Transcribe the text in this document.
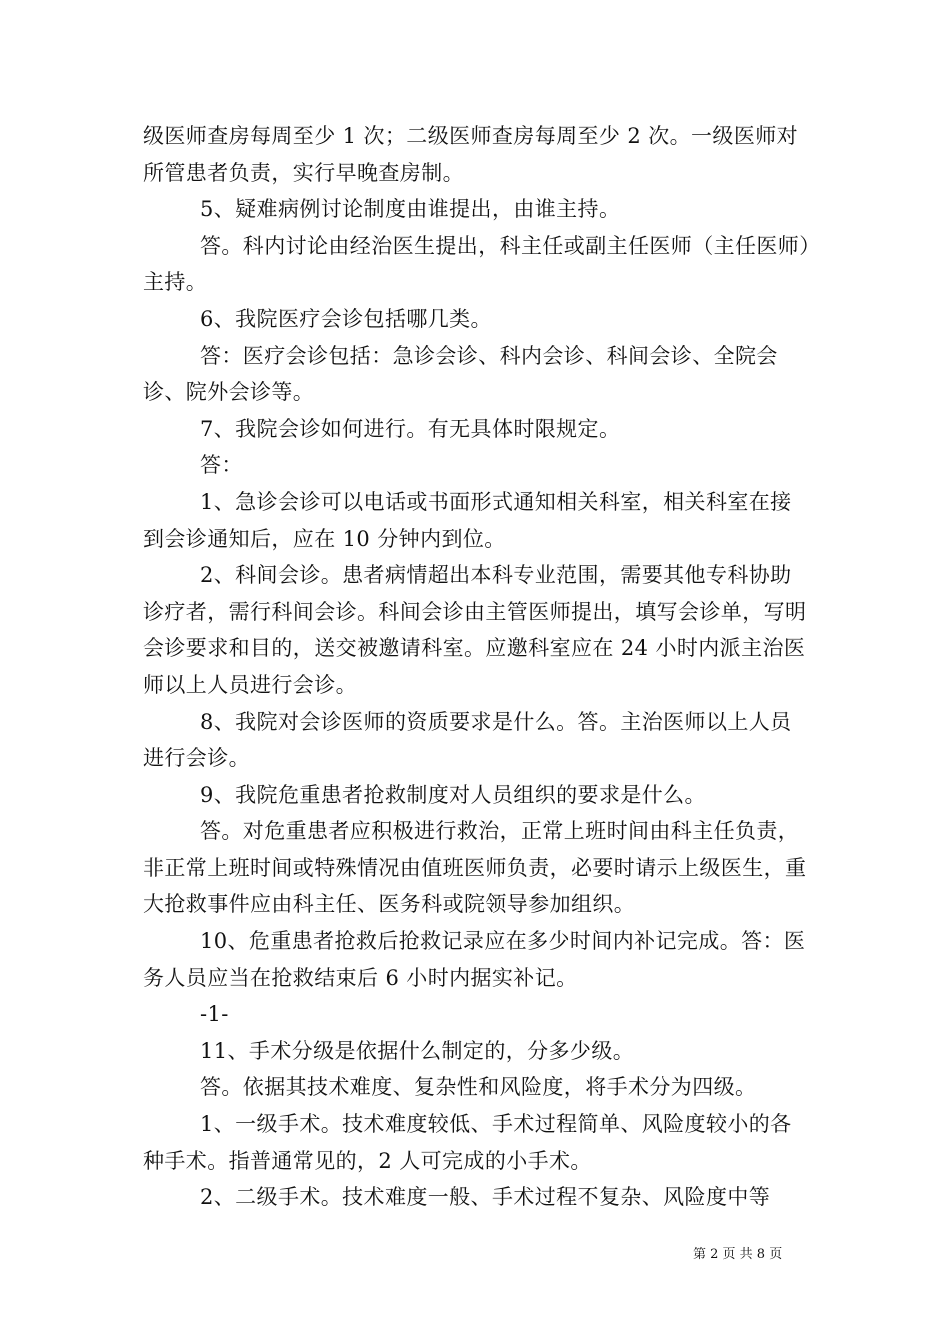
级医师查房每周至少 1 次；二级医师查房每周至少 2 次。一级医师对所管患者负责，实行早晚查房制。

5、疑难病例讨论制度由谁提出，由谁主持。

答。科内讨论由经治医生提出，科主任或副主任医师（主任医师）主持。

6、我院医疗会诊包括哪几类。

答：医疗会诊包括：急诊会诊、科内会诊、科间会诊、全院会诊、院外会诊等。

7、我院会诊如何进行。有无具体时限规定。

答：

1、急诊会诊可以电话或书面形式通知相关科室，相关科室在接到会诊通知后，应在 10 分钟内到位。

2、科间会诊。患者病情超出本科专业范围，需要其他专科协助诊疗者，需行科间会诊。科间会诊由主管医师提出，填写会诊单，写明会诊要求和目的，送交被邀请科室。应邀科室应在 24 小时内派主治医师以上人员进行会诊。

8、我院对会诊医师的资质要求是什么。答。主治医师以上人员进行会诊。

9、我院危重患者抢救制度对人员组织的要求是什么。

答。对危重患者应积极进行救治，正常上班时间由科主任负责，非正常上班时间或特殊情况由值班医师负责，必要时请示上级医生，重大抢救事件应由科主任、医务科或院领导参加组织。

10、危重患者抢救后抢救记录应在多少时间内补记完成。答：医务人员应当在抢救结束后 6 小时内据实补记。

-1-

11、手术分级是依据什么制定的，分多少级。

答。依据其技术难度、复杂性和风险度，将手术分为四级。

1、一级手术。技术难度较低、手术过程简单、风险度较小的各种手术。指普通常见的，2 人可完成的小手术。

2、二级手术。技术难度一般、手术过程不复杂、风险度中等

第 2 页 共 8 页
